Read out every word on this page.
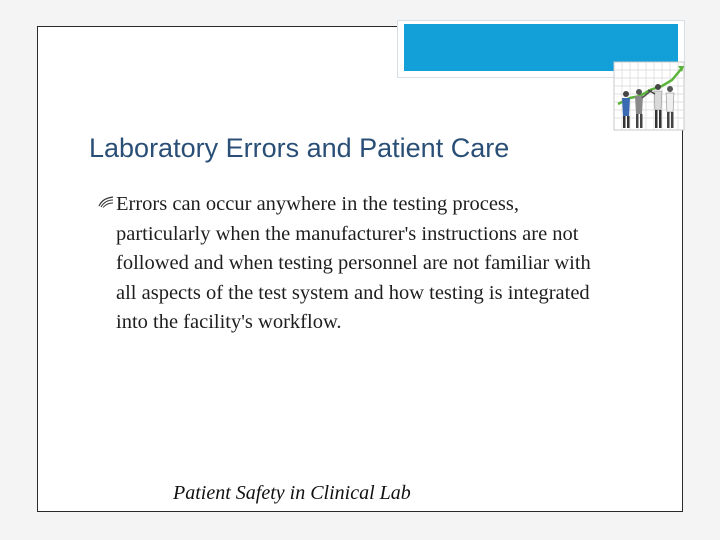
Laboratory Errors and Patient Care
Errors can occur anywhere in the testing process, particularly when the manufacturer's instructions are not followed and when testing personnel are not familiar with all aspects of the test system and how testing is integrated into the facility's workflow.
Patient Safety in Clinical Lab
